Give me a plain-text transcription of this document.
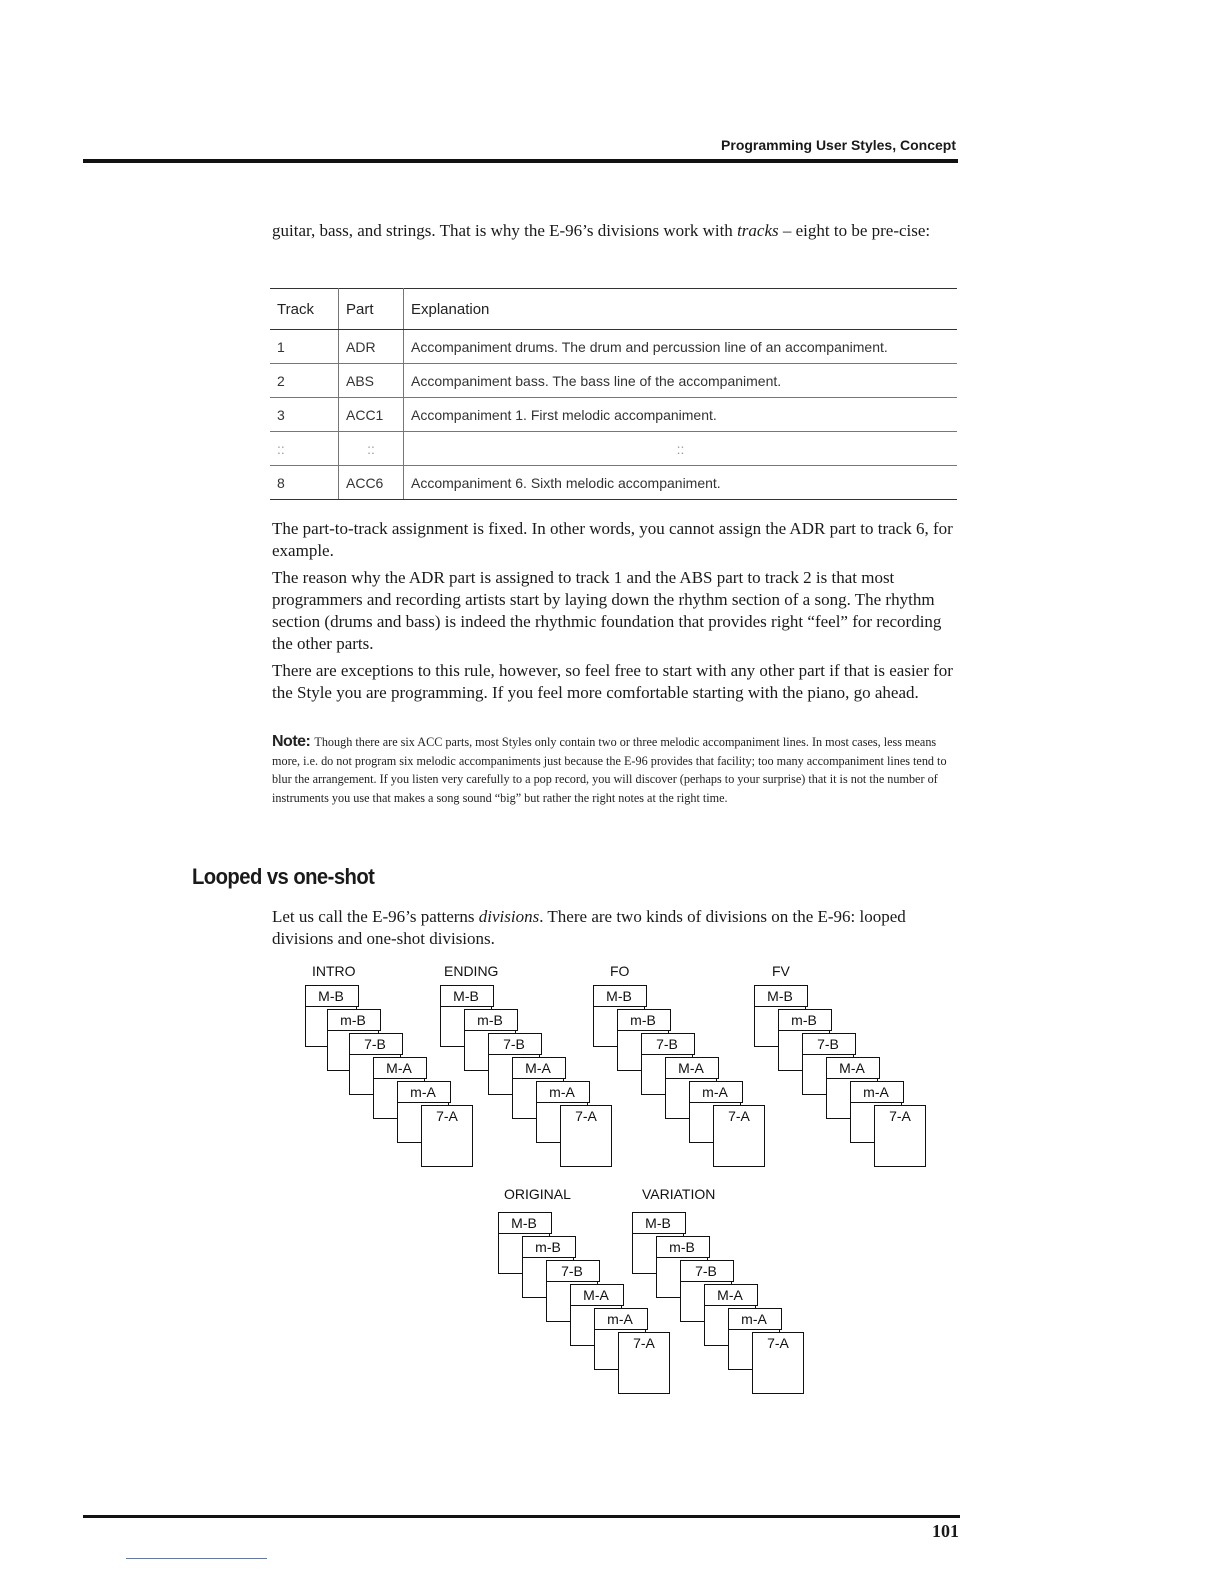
Programming User Styles, Concept

guitar, bass, and strings. That is why the E-96’s divisions work with tracks – eight to be pre-cise:

Track	Part	Explanation
1	ADR	Accompaniment drums. The drum and percussion line of an accompaniment.
2	ABS	Accompaniment bass. The bass line of the accompaniment.
3	ACC1	Accompaniment 1. First melodic accompaniment.
::	::	::
8	ACC6	Accompaniment 6. Sixth melodic accompaniment.

The part-to-track assignment is fixed. In other words, you cannot assign the ADR part to track 6, for example.

The reason why the ADR part is assigned to track 1 and the ABS part to track 2 is that most programmers and recording artists start by laying down the rhythm section of a song. The rhythm section (drums and bass) is indeed the rhythmic foundation that provides right “feel” for recording the other parts.

There are exceptions to this rule, however, so feel free to start with any other part if that is easier for the Style you are programming. If you feel more comfortable starting with the piano, go ahead.

Note: Though there are six ACC parts, most Styles only contain two or three melodic accompaniment lines. In most cases, less means more, i.e. do not program six melodic accompaniments just because the E-96 provides that facility; too many accompaniment lines tend to blur the arrangement. If you listen very carefully to a pop record, you will discover (perhaps to your surprise) that it is not the number of instruments you use that makes a song sound “big” but rather the right notes at the right time.

Looped vs one-shot

Let us call the E-96’s patterns divisions. There are two kinds of divisions on the E-96: looped divisions and one-shot divisions.

INTRO	ENDING	FO	FV
ORIGINAL	VARIATION
M-B
m-B
7-B
M-A
m-A
7-A
M-B
m-B
7-B
M-A
m-A
7-A
M-B
m-B
7-B
M-A
m-A
7-A
M-B
m-B
7-B
M-A
m-A
7-A
M-B
m-B
7-B
M-A
m-A
7-A
M-B
m-B
7-B
M-A
m-A
7-A
101
